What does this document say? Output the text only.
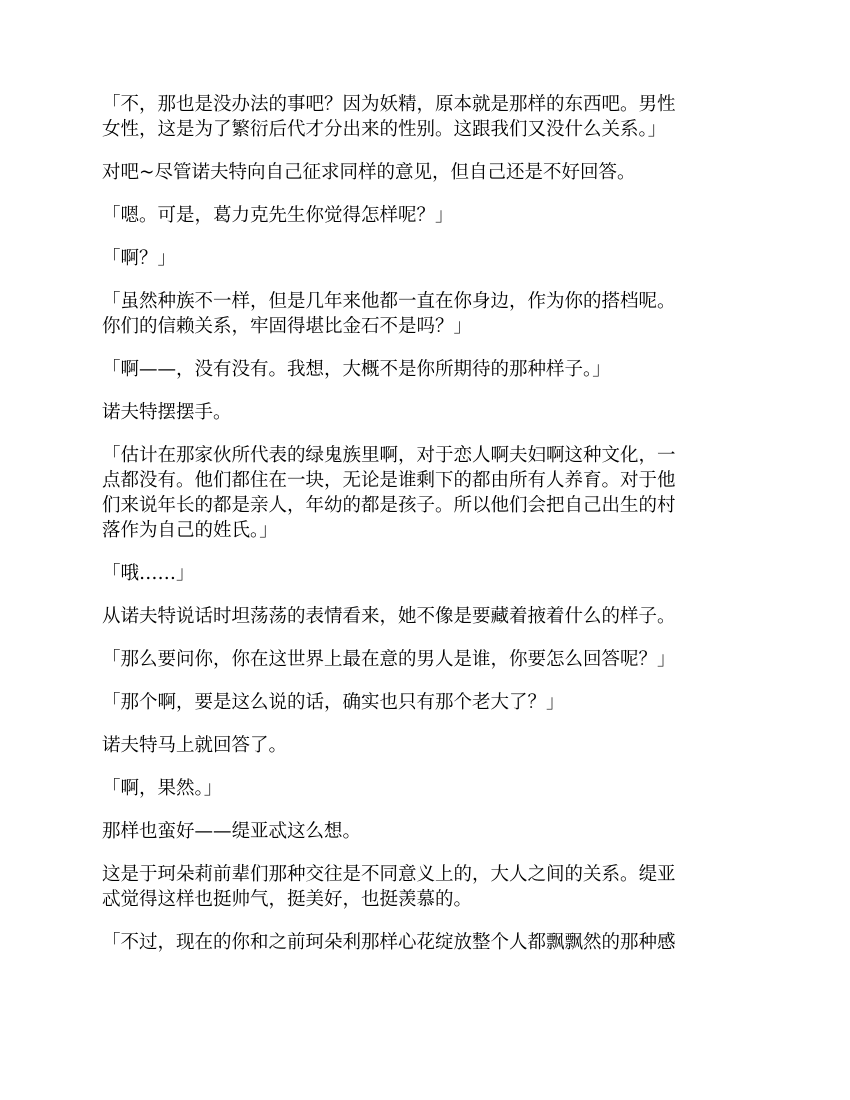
「不，那也是没办法的事吧？因为妖精，原本就是那样的东西吧。男性
女性，这是为了繁衍后代才分出来的性别。这跟我们又没什么关系。」

对吧~尽管诺夫特向自己征求同样的意见，但自己还是不好回答。

「嗯。可是，葛力克先生你觉得怎样呢？」

「啊？」

「虽然种族不一样，但是几年来他都一直在你身边，作为你的搭档呢。
你们的信赖关系，牢固得堪比金石不是吗？」

「啊——，没有没有。我想，大概不是你所期待的那种样子。」

诺夫特摆摆手。

「估计在那家伙所代表的绿鬼族里啊，对于恋人啊夫妇啊这种文化，一
点都没有。他们都住在一块，无论是谁剩下的都由所有人养育。对于他
们来说年长的都是亲人，年幼的都是孩子。所以他们会把自己出生的村
落作为自己的姓氏。」

「哦……」

从诺夫特说话时坦荡荡的表情看来，她不像是要藏着掖着什么的样子。

「那么要问你，你在这世界上最在意的男人是谁，你要怎么回答呢？」

「那个啊，要是这么说的话，确实也只有那个老大了？」

诺夫特马上就回答了。

「啊，果然。」

那样也蛮好——缇亚忒这么想。

这是于珂朵莉前辈们那种交往是不同意义上的，大人之间的关系。缇亚
忒觉得这样也挺帅气，挺美好，也挺羡慕的。

「不过，现在的你和之前珂朵利那样心花绽放整个人都飘飘然的那种感
